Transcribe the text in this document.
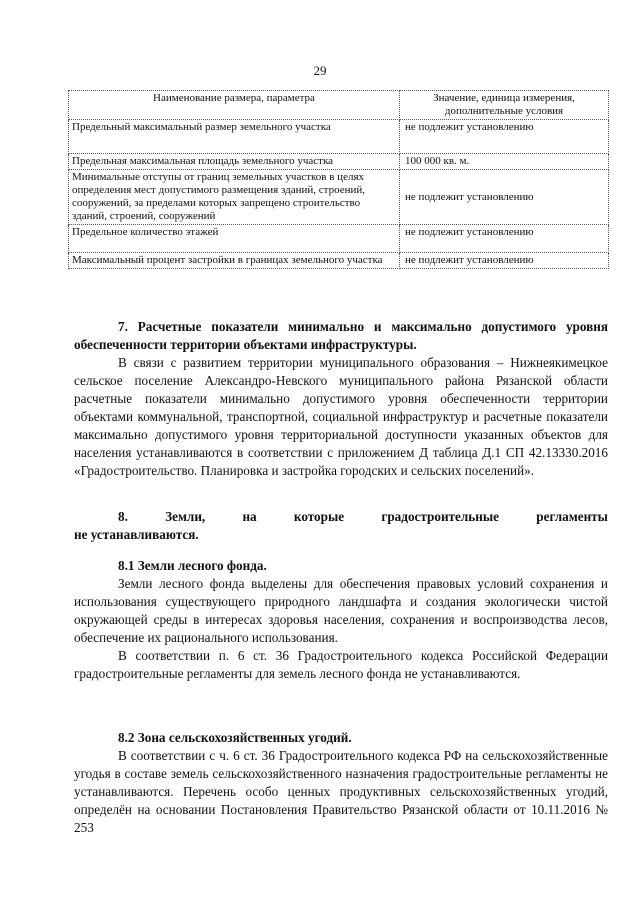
29
Наименование размера, параметра	Значение, единица измерения, дополнительные условия
Предельный максимальный размер земельного участка	не подлежит установлению
Предельная максимальная площадь земельного участка	100 000 кв. м.
Минимальные отступы от границ земельных участков в целях определения мест допустимого размещения зданий, строений, сооружений, за пределами которых запрещено строительство зданий, строений, сооружений	не подлежит установлению
Предельное количество этажей	не подлежит установлению
Максимальный процент застройки в границах земельного участка	не подлежит установлению

7. Расчетные показатели минимально и максимально допустимого уровня обеспеченности территории объектами инфраструктуры.

В связи с развитием территории муниципального образования – Нижнеякимецкое сельское поселение Александро-Невского муниципального района Рязанской области расчетные показатели минимально допустимого уровня обеспеченности территории объектами коммунальной, транспортной, социальной инфраструктур и расчетные показатели максимально допустимого уровня территориальной доступности указанных объектов для населения устанавливаются в соответствии с приложением Д таблица Д.1 СП 42.13330.2016 «Градостроительство. Планировка и застройка городских и сельских поселений».

8.	Земли,	на	которые	градостроительные	регламенты

не устанавливаются.

8.1 Земли лесного фонда.

Земли лесного фонда выделены для обеспечения правовых условий сохранения и использования существующего природного ландшафта и создания экологически чистой окружающей среды в интересах здоровья населения, сохранения и воспроизводства лесов, обеспечение их рационального использования.

В соответствии п. 6 ст. 36 Градостроительного кодекса Российской Федерации градостроительные регламенты для земель лесного фонда не устанавливаются.

8.2 Зона сельскохозяйственных угодий.

В соответствии с ч. 6 ст. 36 Градостроительного кодекса РФ на сельскохозяйственные угодья в составе земель сельскохозяйственного назначения градостроительные регламенты не устанавливаются. Перечень особо ценных продуктивных сельскохозяйственных угодий, определён на основании Постановления Правительство Рязанской области от 10.11.2016 № 253
